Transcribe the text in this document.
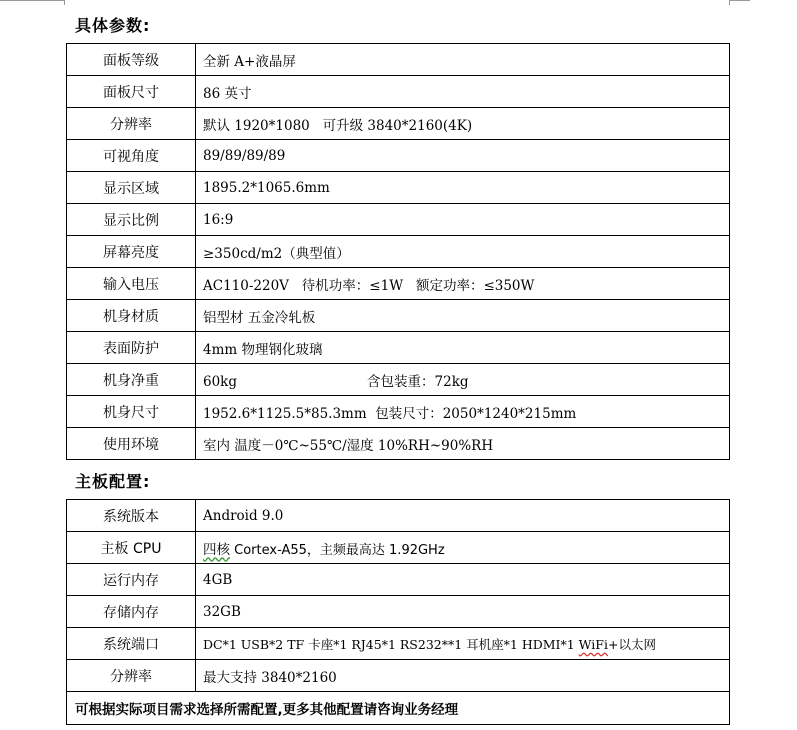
具体参数:
面板等级	全新 A+液晶屏
面板尺寸	86 英寸
分辨率	默认 1920*1080   可升级 3840*2160(4K)
可视角度	89/89/89/89
显示区域	1895.2*1065.6mm
显示比例	16:9
屏幕亮度	≥350cd/m2（典型值）
输入电压	AC110-220V   待机功率：≤1W   额定功率：≤350W
机身材质	铝型材 五金冷轧板
表面防护	4mm 物理钢化玻璃
机身净重	60kg 含包装重：72kg
机身尺寸	1952.6*1125.5*85.3mm  包装尺寸：2050*1240*215mm
使用环境	室内 温度－0℃~55℃/湿度 10%RH~90%RH
主板配置:
系统版本	Android 9.0
主板 CPU	四核 Cortex-A55，主频最高达 1.92GHz
运行内存	4GB
存储内存	32GB
系统端口	DC*1 USB*2 TF 卡座*1 RJ45*1 RS232**1 耳机座*1 HDMI*1 WiFi+以太网
分辨率	最大支持 3840*2160
可根据实际项目需求选择所需配置,更多其他配置请咨询业务经理	
